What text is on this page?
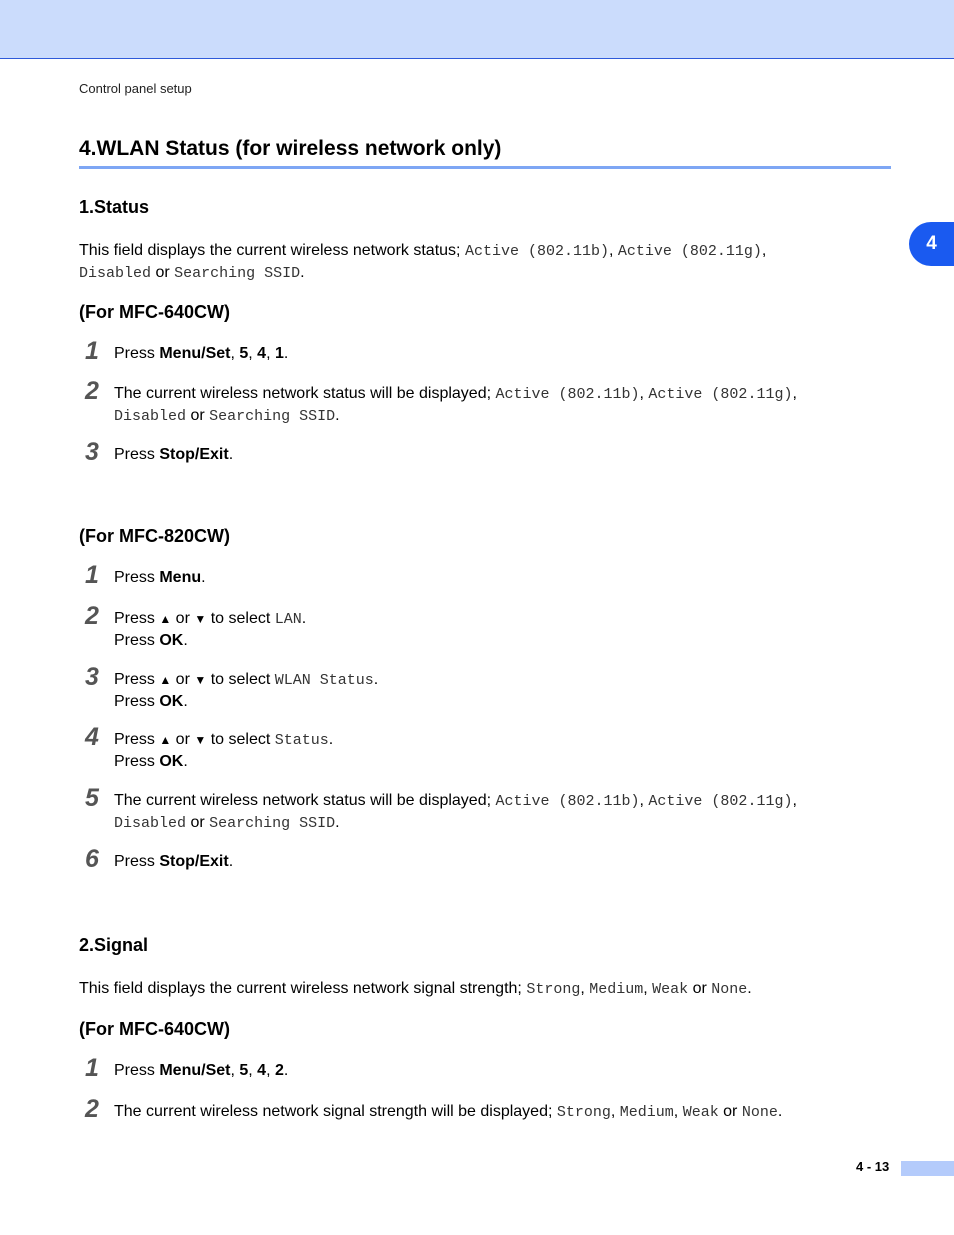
Control panel setup
4
4.WLAN Status (for wireless network only)
1.Status
This field displays the current wireless network status; Active (802.11b), Active (802.11g),
Disabled or Searching SSID.
(For MFC-640CW)
1 Press Menu/Set, 5, 4, 1.
2 The current wireless network status will be displayed; Active (802.11b), Active (802.11g),
Disabled or Searching SSID.
3 Press Stop/Exit.
(For MFC-820CW)
1 Press Menu.
2 Press ▲ or ▼ to select LAN.
Press OK.
3 Press ▲ or ▼ to select WLAN Status.
Press OK.
4 Press ▲ or ▼ to select Status.
Press OK.
5 The current wireless network status will be displayed; Active (802.11b), Active (802.11g),
Disabled or Searching SSID.
6 Press Stop/Exit.
2.Signal
This field displays the current wireless network signal strength; Strong, Medium, Weak or None.
(For MFC-640CW)
1 Press Menu/Set, 5, 4, 2.
2 The current wireless network signal strength will be displayed; Strong, Medium, Weak or None.
4 - 13
